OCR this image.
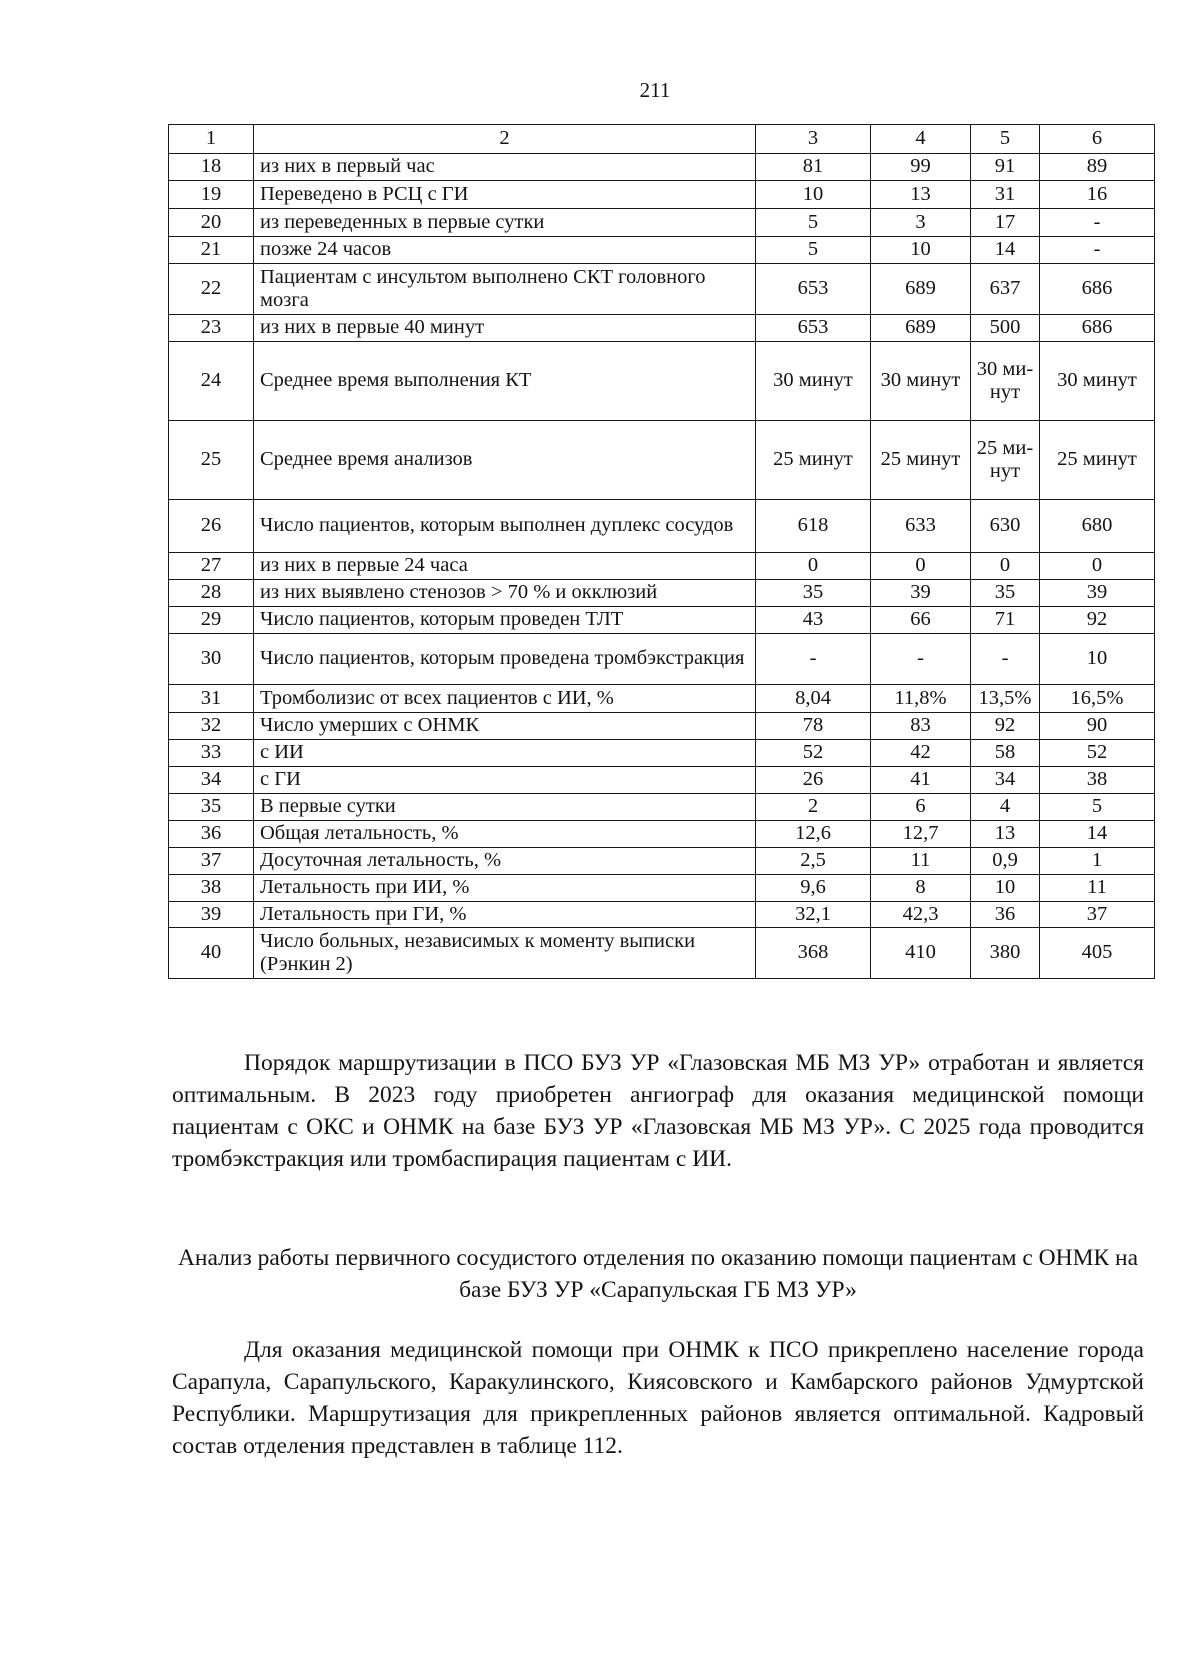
211
1	2	3	4	5	6
18	из них в первый час	81	99	91	89
19	Переведено в РСЦ с ГИ	10	13	31	16
20	из переведенных в первые сутки	5	3	17	-
21	позже 24 часов	5	10	14	-
22	Пациентам с инсультом выполнено СКТ головного мозга	653	689	637	686
23	из них в первые 40 минут	653	689	500	686
24	Среднее время выполнения КТ	30 минут	30 минут	30 ми-нут	30 минут
25	Среднее время анализов	25 минут	25 минут	25 ми-нут	25 минут
26	Число пациентов, которым выполнен дуплекс сосудов	618	633	630	680
27	из них в первые 24 часа	0	0	0	0
28	из них выявлено стенозов > 70 % и окклюзий	35	39	35	39
29	Число пациентов, которым проведен ТЛТ	43	66	71	92
30	Число пациентов, которым проведена тромбэкстракция	-	-	-	10
31	Тромболизис от всех пациентов с ИИ, %	8,04	11,8%	13,5%	16,5%
32	Число умерших с ОНМК	78	83	92	90
33	с ИИ	52	42	58	52
34	с ГИ	26	41	34	38
35	В первые сутки	2	6	4	5
36	Общая летальность, %	12,6	12,7	13	14
37	Досуточная летальность, %	2,5	11	0,9	1
38	Летальность при ИИ, %	9,6	8	10	11
39	Летальность при ГИ, %	32,1	42,3	36	37
40	Число больных, независимых к моменту выписки (Рэнкин 2)	368	410	380	405
Порядок маршрутизации в ПСО БУЗ УР «Глазовская МБ МЗ УР» отработан и является оптимальным. В 2023 году приобретен ангиограф для оказания медицинской помощи пациентам с ОКС и ОНМК на базе БУЗ УР «Глазовская МБ МЗ УР». С 2025 года проводится тромбэкстракция или тромбаспирация пациентам с ИИ.
Анализ работы первичного сосудистого отделения по оказанию помощи пациентам с ОНМК на базе БУЗ УР «Сарапульская ГБ МЗ УР»
Для оказания медицинской помощи при ОНМК к ПСО прикреплено население города Сарапула, Сарапульского, Каракулинского, Киясовского и Камбарского районов Удмуртской Республики. Маршрутизация для прикрепленных районов является оптимальной. Кадровый состав отделения представлен в таблице 112.
